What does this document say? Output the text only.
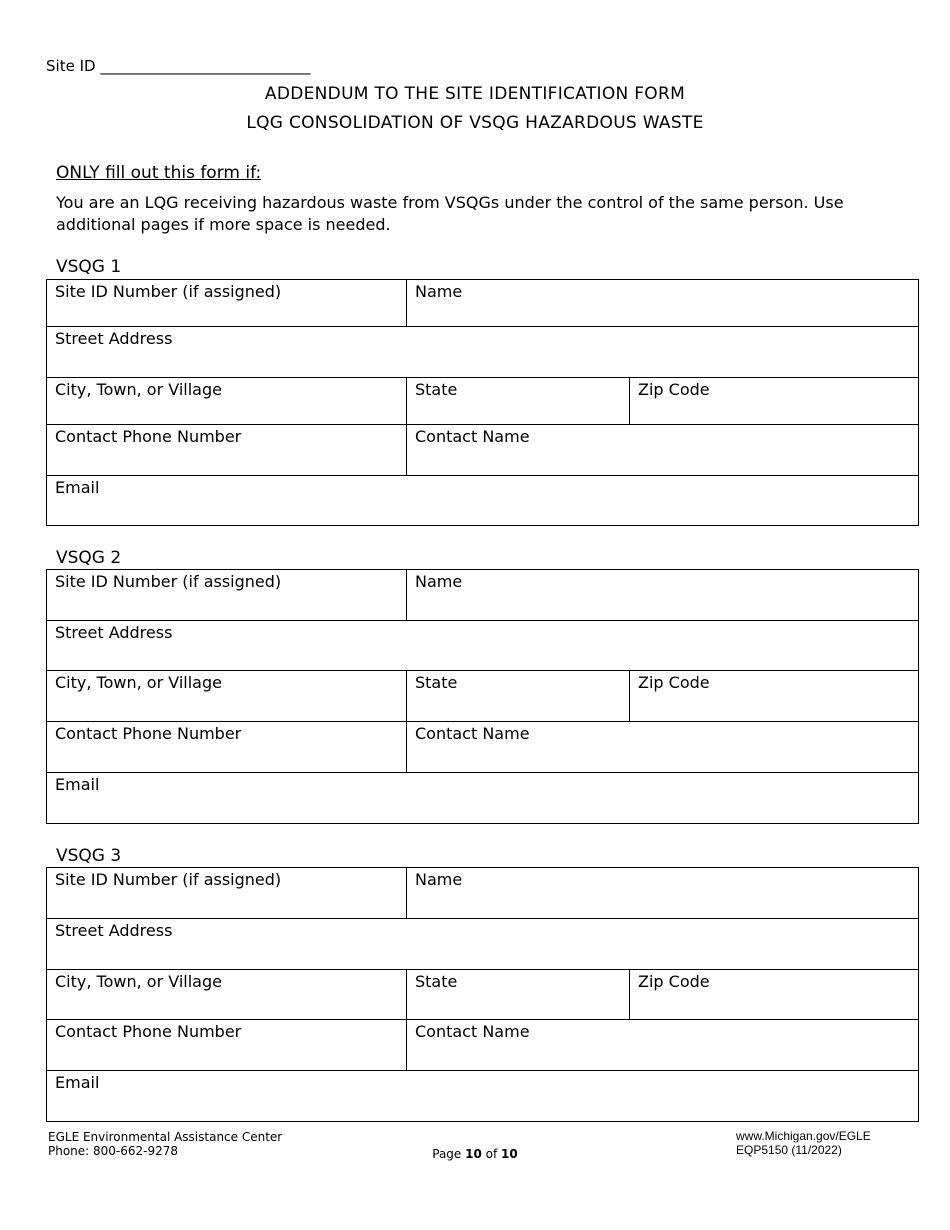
Site ID ____________________________
ADDENDUM TO THE SITE IDENTIFICATION FORM
LQG CONSOLIDATION OF VSQG HAZARDOUS WASTE
ONLY fill out this form if:
You are an LQG receiving hazardous waste from VSQGs under the control of the same person. Use additional pages if more space is needed.
VSQG 1
Site ID Number (if assigned)	Name	
Street Address		
City, Town, or Village	State	Zip Code
Contact Phone Number	Contact Name	
Email		
VSQG 2
Site ID Number (if assigned)	Name	
Street Address		
City, Town, or Village	State	Zip Code
Contact Phone Number	Contact Name	
Email		
VSQG 3
Site ID Number (if assigned)	Name	
Street Address		
City, Town, or Village	State	Zip Code
Contact Phone Number	Contact Name	
Email		
EGLE Environmental Assistance Center
Phone: 800-662-9278	Page 10 of 10
www.Michigan.gov/EGLE
EQP5150 (11/2022)
